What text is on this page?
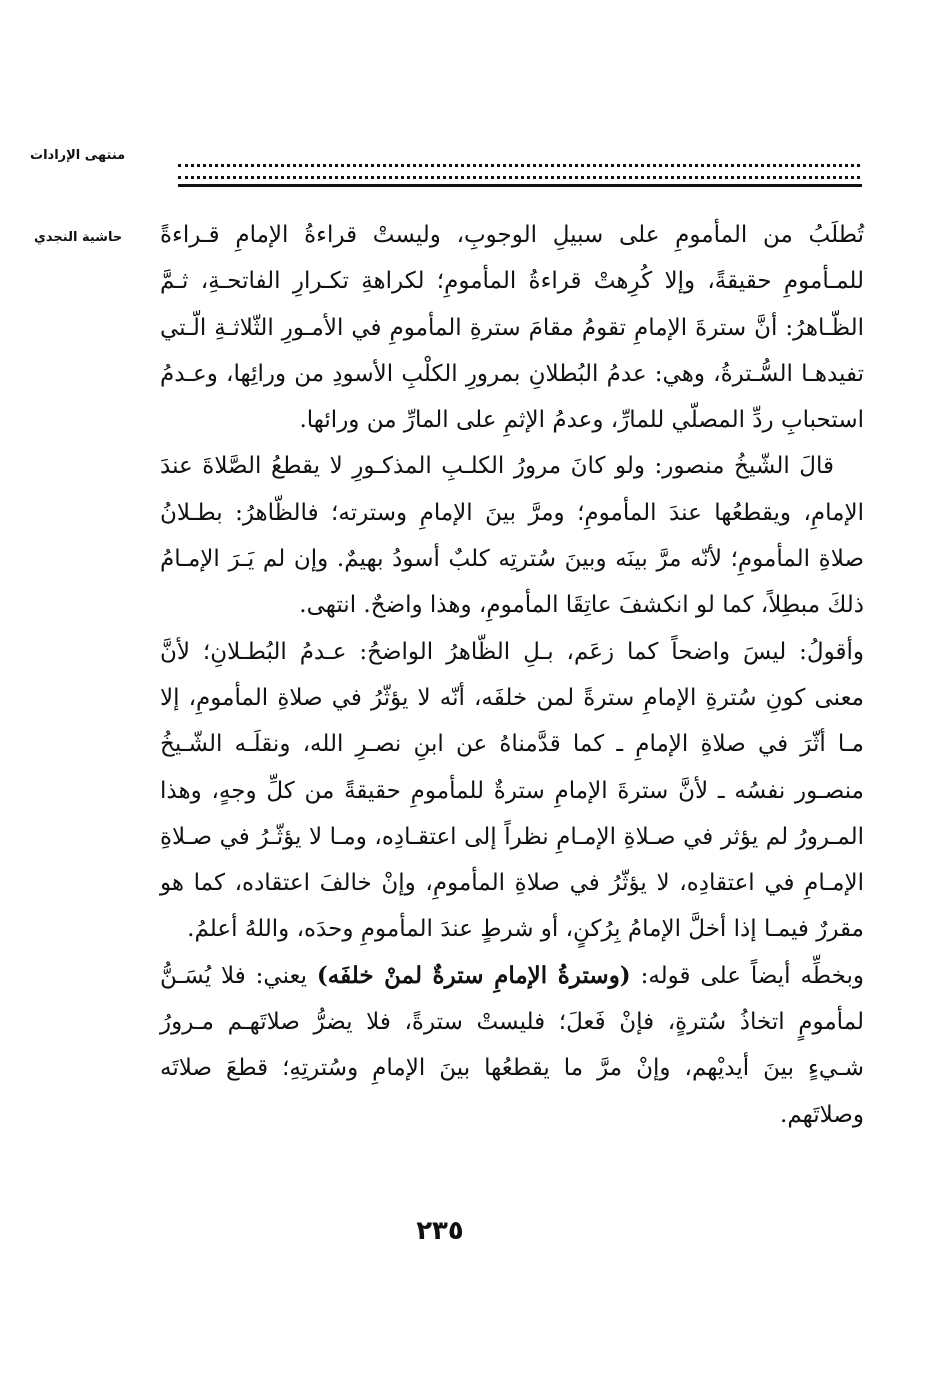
منتهى الإرادات
حاشية النجدي تُطلَبُ من المأمومِ على سبيلِ الوجوبِ، وليستْ قراءةُ الإمامِ قـراءةً للمـأمومِ حقيقةً، وإلا كُرِهتْ قراءةُ المأمومِ؛ لكراهةِ تكـرارِ الفاتحـةِ، ثـمَّ الظّـاهرُ: أنَّ سترةَ الإمامِ تقومُ مقامَ سترةِ المأمومِ في الأمـورِ الثّلاثـةِ الّـتي تفيدهـا السُّـترةُ، وهي: عدمُ البُطلانِ بمرورِ الكلْبِ الأسودِ من ورائِها، وعـدمُ استحبابِ ردِّ المصلّي للمارِّ، وعدمُ الإثمِ على المارِّ من ورائها.

قالَ الشّيخُ منصور: ولو كانَ مرورُ الكلـبِ المذكـورِ لا يقطعُ الصَّلاةَ عندَ الإمامِ، ويقطعُها عندَ المأمومِ؛ ومرَّ بينَ الإمامِ وسترته؛ فالظّاهرُ: بطـلانُ صلاةِ المأمومِ؛ لأنّه مرَّ بينَه وبينَ سُترتِه كلبٌ أسودُ بهيمٌ. وإن لم يَـرَ الإمـامُ ذلكَ مبطِلاً، كما لو انكشفَ عاتِقَا المأمومِ، وهذا واضحٌ. انتهى.

وأقولُ: ليسَ واضحاً كما زعَم، بـلِ الظّاهرُ الواضحُ: عـدمُ البُطـلانِ؛ لأنَّ معنى كونِ سُترةِ الإمامِ سترةً لمن خلفَه، أنّه لا يؤثّرُ في صلاةِ المأمومِ، إلا مـا أثّرَ في صلاةِ الإمامِ ـ كما قدَّمناهُ عن ابنِ نصـرِ الله، ونقلَـه الشّـيخُ منصـور نفسُه ـ لأنَّ سترةَ الإمامِ سترةٌ للمأمومِ حقيقةً من كلِّ وجهٍ، وهذا المـرورُ لم يؤثر في صـلاةِ الإمـامِ نظراً إلى اعتقـادِه، ومـا لا يؤثّـرُ في صـلاةِ الإمـامِ في اعتقادِه، لا يؤثّرُ في صلاةِ المأمومِ، وإنْ خالفَ اعتقاده، كما هو مقررٌ فيمـا إذا أخلَّ الإمامُ بِرُكنٍ، أو شرطٍ عندَ المأمومِ وحدَه، واللهُ أعلمُ.

وبخطِّه أيضاً على قوله: (وسترةُ الإمامِ سترةٌ لمنْ خلفَه) يعني: فلا يُسَـنُّ لمأمومٍ اتخاذُ سُترةٍ، فإنْ فَعلَ؛ فليستْ سترةً، فلا يضرُّ صلاتَهـم مـرورُ شـيءٍ بينَ أيديْهم، وإنْ مرَّ ما يقطعُها بينَ الإمامِ وسُترتِهِ؛ قطعَ صلاتَه وصلاتَهم.

٢٣٥
